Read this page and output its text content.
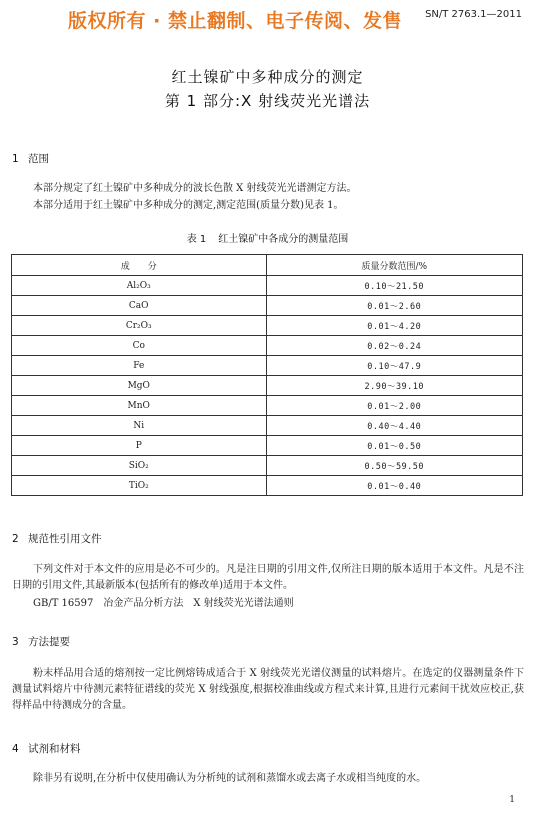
版权所有 · 禁止翻制、电子传阅、发售 SN/T 2763.1—2011
红土镍矿中多种成分的测定
第 1 部分:X 射线荧光光谱法
1 范围
本部分规定了红土镍矿中多种成分的波长色散 X 射线荧光光谱测定方法。
本部分适用于红土镍矿中多种成分的测定,测定范围(质量分数)见表 1。
表 1 红土镍矿中各成分的测量范围
成　　分	质量分数范围/%
Al₂O₃	0.10～21.50
CaO	0.01～2.60
Cr₂O₃	0.01～4.20
Co	0.02～0.24
Fe	0.10～47.9
MgO	2.90～39.10
MnO	0.01～2.00
Ni	0.40～4.40
P	0.01～0.50
SiO₂	0.50～59.50
TiO₂	0.01～0.40
2 规范性引用文件
下列文件对于本文件的应用是必不可少的。凡是注日期的引用文件,仅所注日期的版本适用于本文件。凡是不注日期的引用文件,其最新版本(包括所有的修改单)适用于本文件。
GB/T 16597　冶金产品分析方法　X 射线荧光光谱法通则
3 方法提要
粉末样品用合适的熔剂按一定比例熔铸成适合于 X 射线荧光光谱仪测量的试料熔片。在选定的仪器测量条件下测量试料熔片中待测元素特征谱线的荧光 X 射线强度,根据校准曲线或方程式来计算,且进行元素间干扰效应校正,获得样品中待测成分的含量。
4 试剂和材料
除非另有说明,在分析中仅使用确认为分析纯的试剂和蒸馏水或去离子水或相当纯度的水。
1
